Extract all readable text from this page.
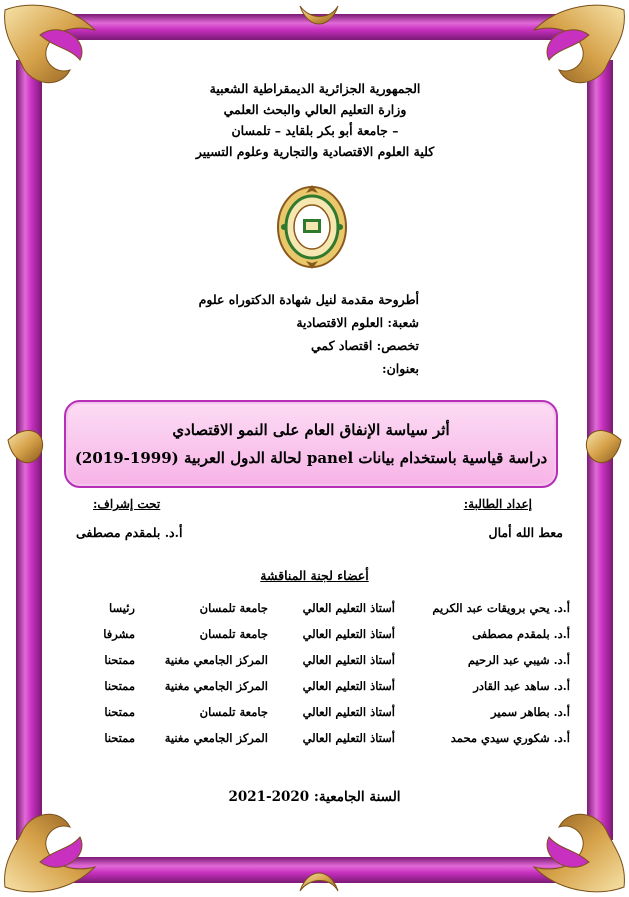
الجمهورية الجزائرية الديمقراطية الشعبية
وزارة التعليم العالي والبحث العلمي
جامعة أبو بكر بلقايد – تلمسان –
كلية العلوم الاقتصادية والتجارية وعلوم التسيير
أطروحة مقدمة لنيل شهادة الدكتوراه علوم
شعبة: العلوم الاقتصادية
تخصص: اقتصاد كمي
بعنوان:
أثر سياسة الإنفاق العام على النمو الاقتصادي
دراسة قياسية باستخدام بيانات panel لحالة الدول العربية (1999-2019)
إعداد الطالبة:
معط الله أمال
تحت إشراف:
أ.د. بلمقدم مصطفى
أعضاء لجنة المناقشة
أ.د. يحي برويقات عبد الكريم
أستاذ التعليم العالي
جامعة تلمسان
رئيسا
أ.د. بلمقدم مصطفى
أستاذ التعليم العالي
جامعة تلمسان
مشرفا
أ.د. شيبي عبد الرحيم
أستاذ التعليم العالي
المركز الجامعي مغنية
ممتحنا
أ.د. ساهد عبد القادر
أستاذ التعليم العالي
المركز الجامعي مغنية
ممتحنا
أ.د. بطاهر سمير
أستاذ التعليم العالي
جامعة تلمسان
ممتحنا
أ.د. شكوري سيدي محمد
أستاذ التعليم العالي
المركز الجامعي مغنية
ممتحنا
السنة الجامعية: 2020-2021
